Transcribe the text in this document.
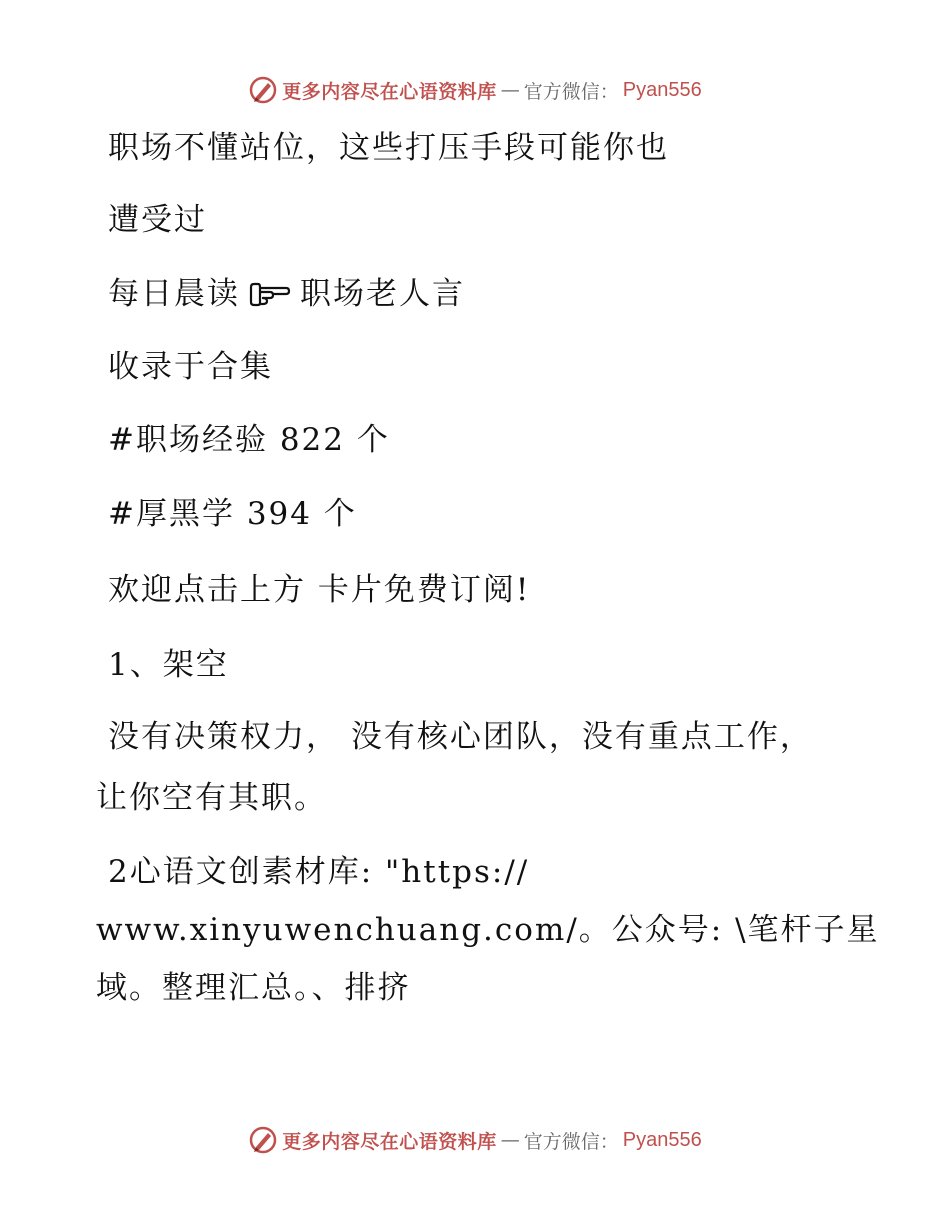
更多内容尽在心语资料库 — 官方微信： Pyan556
职场不懂站位，这些打压手段可能你也
遭受过
每日晨读 职场老人言
收录于合集
#职场经验 822 个
#厚黑学 394 个
欢迎点击上方 卡片免费订阅!
1、架空
没有决策权力， 没有核心团队，没有重点工作，
让你空有其职。
2心语文创素材库: "https://
www.xinyuwenchuang.com/。公众号: \笔杆子星
域。整理汇总。、排挤
更多内容尽在心语资料库 — 官方微信： Pyan556
